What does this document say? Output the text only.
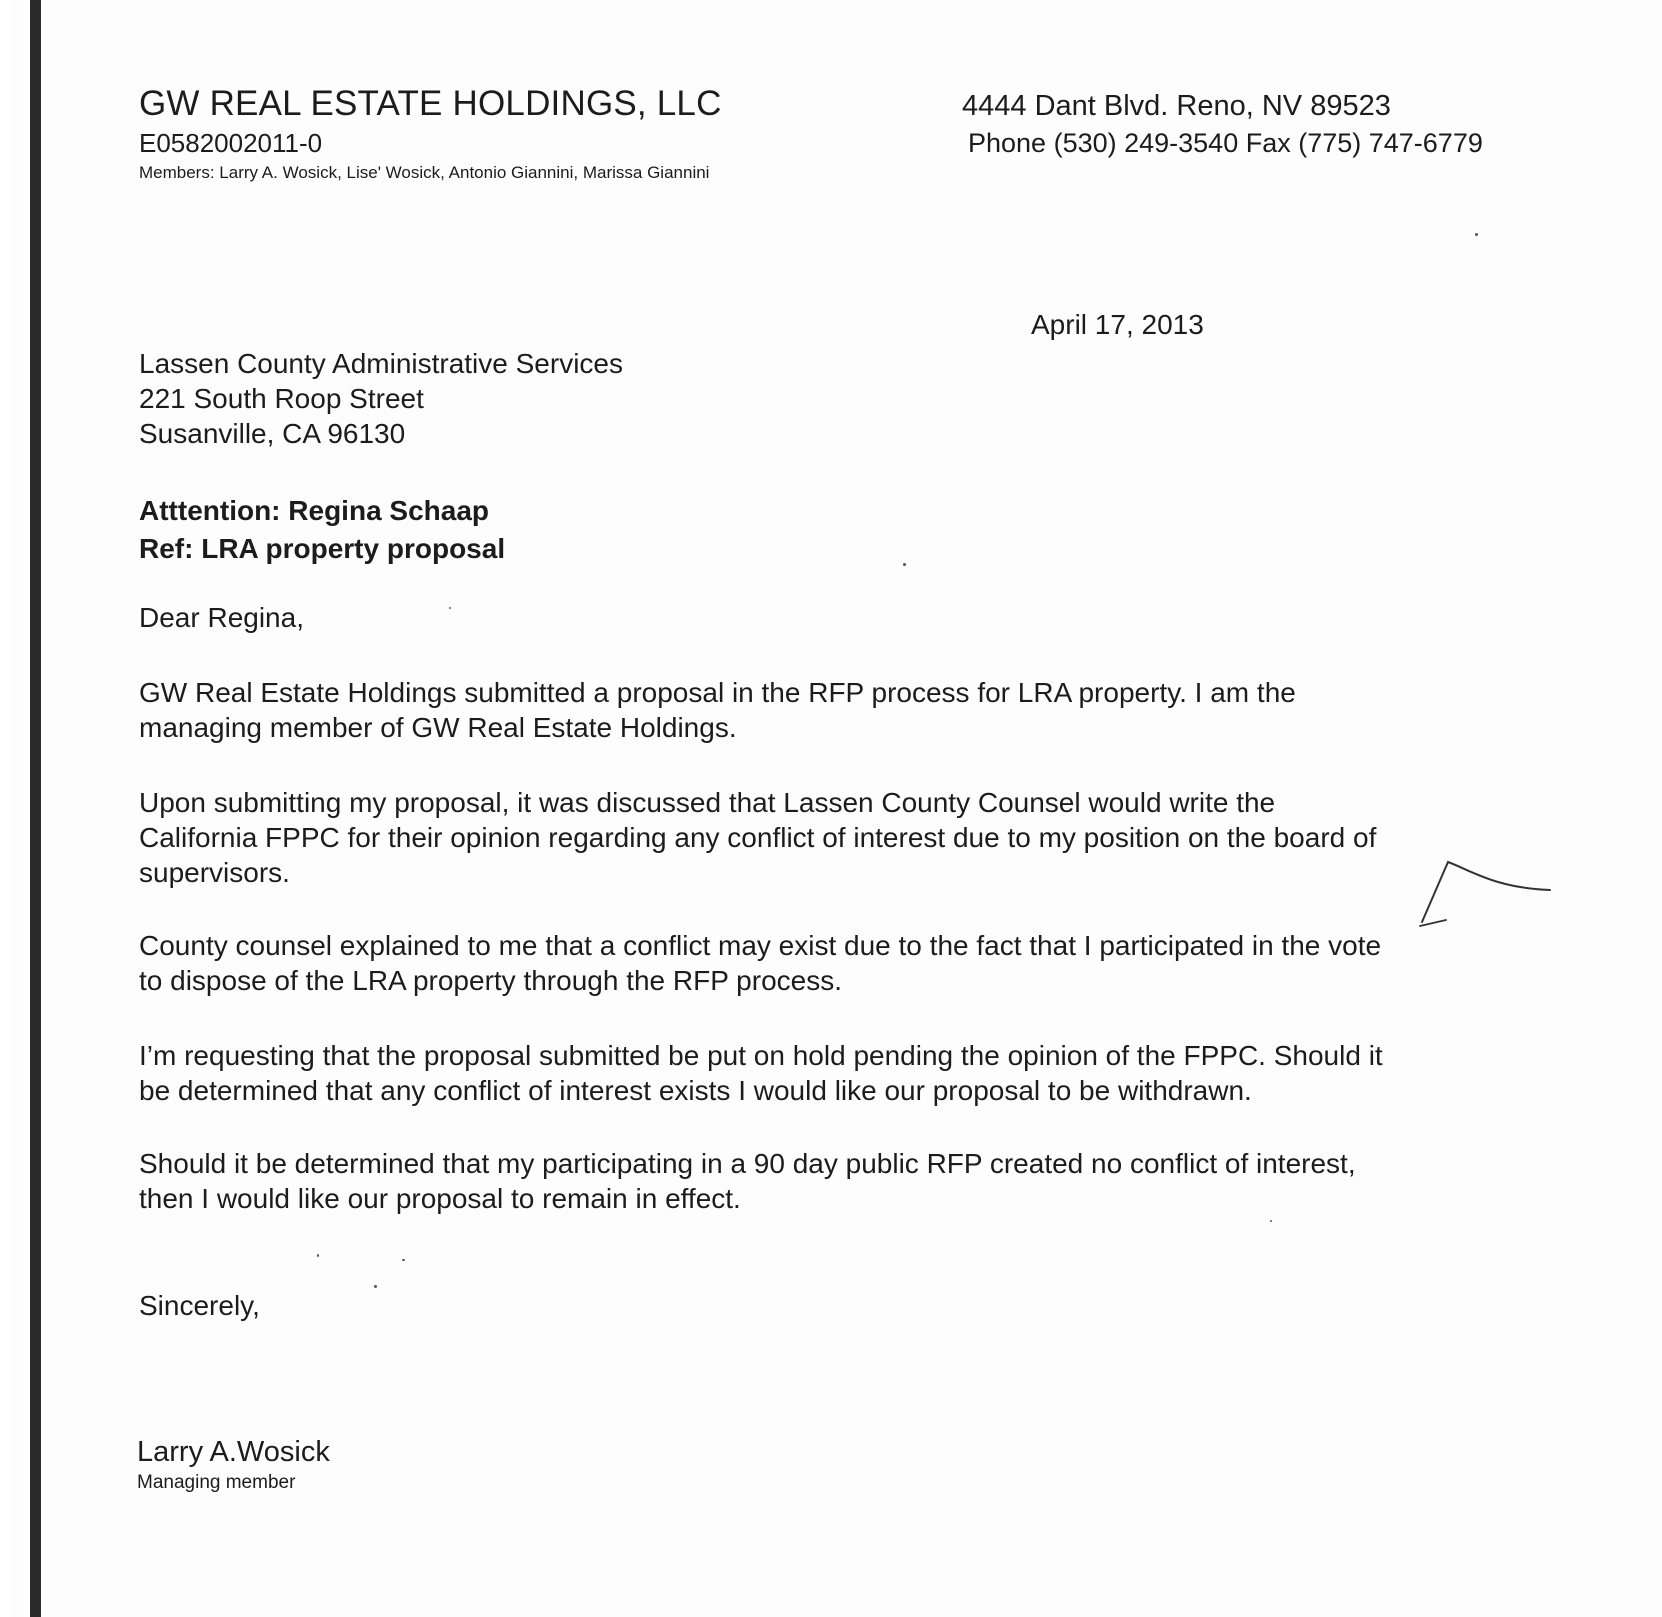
GW REAL ESTATE HOLDINGS, LLC
E0582002011-0
Members: Larry A. Wosick, Lise' Wosick, Antonio Giannini, Marissa Giannini
4444 Dant Blvd. Reno, NV 89523
Phone (530) 249-3540 Fax (775) 747-6779
April 17, 2013
Lassen County Administrative Services
221 South Roop Street
Susanville, CA 96130
Atttention: Regina Schaap
Ref: LRA property proposal
Dear Regina,
GW Real Estate Holdings submitted a proposal in the RFP process for LRA property. I am the
managing member of GW Real Estate Holdings.
Upon submitting my proposal, it was discussed that Lassen County Counsel would write the
California FPPC for their opinion regarding any conflict of interest due to my position on the board of
supervisors.
County counsel explained to me that a conflict may exist due to the fact that I participated in the vote
to dispose of the LRA property through the RFP process.
I’m requesting that the proposal submitted be put on hold pending the opinion of the FPPC. Should it
be determined that any conflict of interest exists I would like our proposal to be withdrawn.
Should it be determined that my participating in a 90 day public RFP created no conflict of interest,
then I would like our proposal to remain in effect.
Sincerely,
Larry A.Wosick
Managing member
